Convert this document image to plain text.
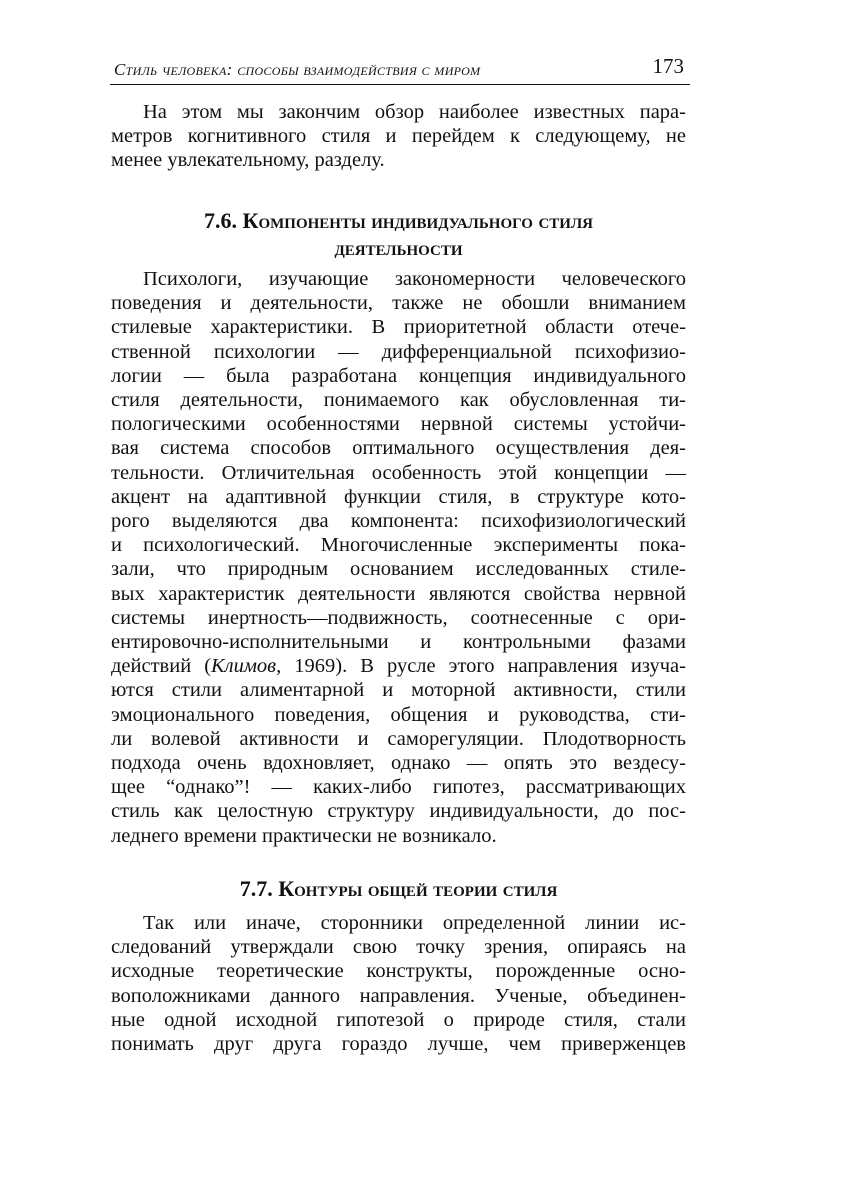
Стиль человека: способы взаимодействия с миром	173
На этом мы закончим обзор наиболее известных пара-
метров когнитивного стиля и перейдем к следующему, не
менее увлекательному, разделу.
7.6. Компоненты индивидуального стиля
деятельности
Психологи, изучающие закономерности человеческого
поведения и деятельности, также не обошли вниманием
стилевые характеристики. В приоритетной области отече-
ственной психологии — дифференциальной психофизио-
логии — была разработана концепция индивидуального
стиля деятельности, понимаемого как обусловленная ти-
пологическими особенностями нервной системы устойчи-
вая система способов оптимального осуществления дея-
тельности. Отличительная особенность этой концепции —
акцент на адаптивной функции стиля, в структуре кото-
рого выделяются два компонента: психофизиологический
и психологический. Многочисленные эксперименты пока-
зали, что природным основанием исследованных стиле-
вых характеристик деятельности являются свойства нервной
системы инертность—подвижность, соотнесенные с ори-
ентировочно-исполнительными и контрольными фазами
действий (Климов, 1969). В русле этого направления изуча-
ются стили алиментарной и моторной активности, стили
эмоционального поведения, общения и руководства, сти-
ли волевой активности и саморегуляции. Плодотворность
подхода очень вдохновляет, однако — опять это вездесу-
щее “однако”! — каких-либо гипотез, рассматривающих
стиль как целостную структуру индивидуальности, до пос-
леднего времени практически не возникало.
7.7. Контуры общей теории стиля
Так или иначе, сторонники определенной линии ис-
следований утверждали свою точку зрения, опираясь на
исходные теоретические конструкты, порожденные осно-
воположниками данного направления. Ученые, объединен-
ные одной исходной гипотезой о природе стиля, стали
понимать друг друга гораздо лучше, чем приверженцев
